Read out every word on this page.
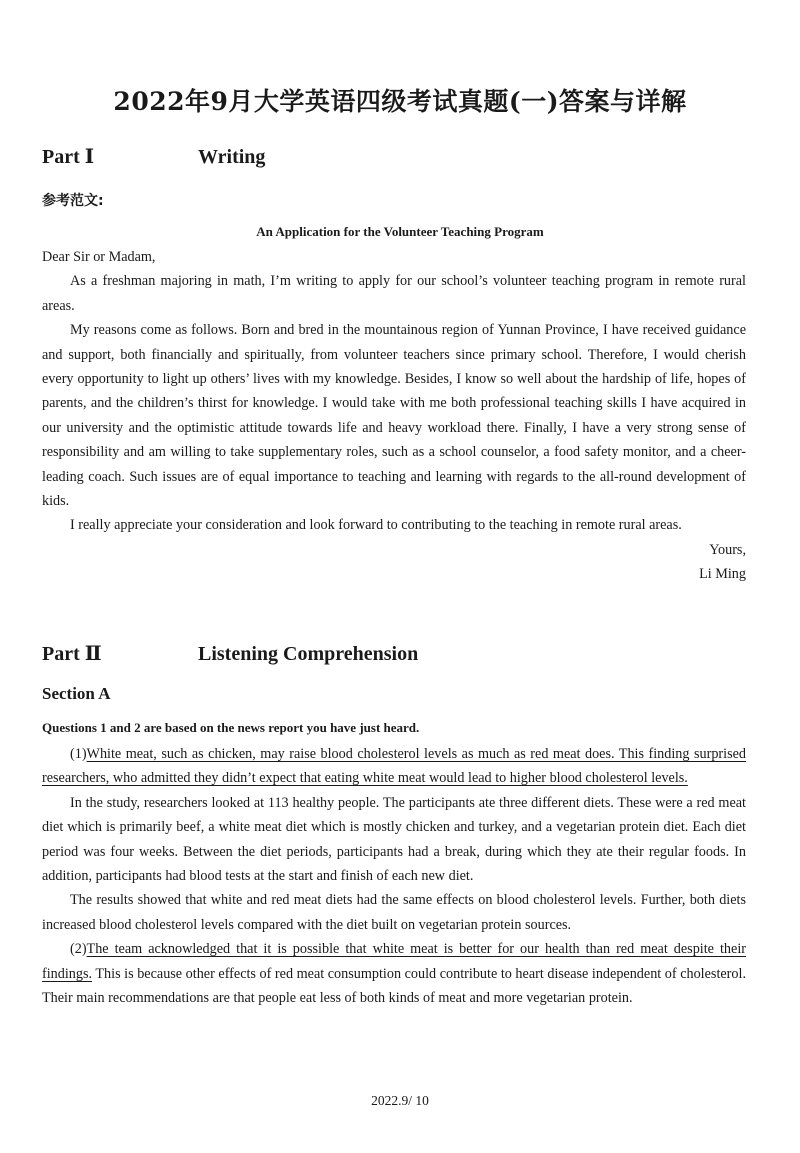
2022年9月大学英语四级考试真题(一)答案与详解
Part Ⅰ	Writing
参考范文:
An Application for the Volunteer Teaching Program

Dear Sir or Madam,

As a freshman majoring in math, I’m writing to apply for our school’s volunteer teaching program in remote rural areas.

My reasons come as follows. Born and bred in the mountainous region of Yunnan Province, I have received guidance and support, both financially and spiritually, from volunteer teachers since primary school. Therefore, I would cherish every opportunity to light up others’ lives with my knowledge. Besides, I know so well about the hardship of life, hopes of parents, and the children’s thirst for knowledge. I would take with me both professional teaching skills I have acquired in our university and the optimistic attitude towards life and heavy workload there. Finally, I have a very strong sense of responsibility and am willing to take supplementary roles, such as a school counselor, a food safety monitor, and a cheer-leading coach. Such issues are of equal importance to teaching and learning with regards to the all-round development of kids.

I really appreciate your consideration and look forward to contributing to the teaching in remote rural areas.

Yours,

Li Ming

Part Ⅱ	Listening Comprehension
Section A
Questions 1 and 2 are based on the news report you have just heard.

(1)White meat, such as chicken, may raise blood cholesterol levels as much as red meat does. This finding surprised researchers, who admitted they didn’t expect that eating white meat would lead to higher blood cholesterol levels.

In the study, researchers looked at 113 healthy people. The participants ate three different diets. These were a red meat diet which is primarily beef, a white meat diet which is mostly chicken and turkey, and a vegetarian protein diet. Each diet period was four weeks. Between the diet periods, participants had a break, during which they ate their regular foods. In addition, participants had blood tests at the start and finish of each new diet.

The results showed that white and red meat diets had the same effects on blood cholesterol levels. Further, both diets increased blood cholesterol levels compared with the diet built on vegetarian protein sources.

(2)The team acknowledged that it is possible that white meat is better for our health than red meat despite their findings. This is because other effects of red meat consumption could contribute to heart disease independent of cholesterol. Their main recommendations are that people eat less of both kinds of meat and more vegetarian protein.

2022.9/ 10
